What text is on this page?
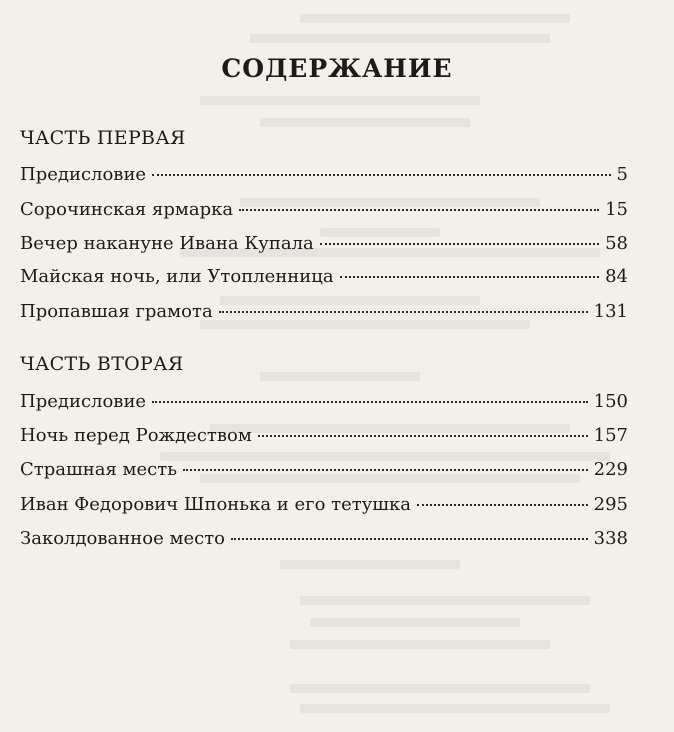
СОДЕРЖАНИЕ
ЧАСТЬ ПЕРВАЯ
Предисловие	5
Сорочинская ярмарка	15
Вечер накануне Ивана Купала	58
Майская ночь, или Утопленница	84
Пропавшая грамота	131
ЧАСТЬ ВТОРАЯ
Предисловие	150
Ночь перед Рождеством	157
Страшная месть	229
Иван Федорович Шпонька и его тетушка	295
Заколдованное место	338
